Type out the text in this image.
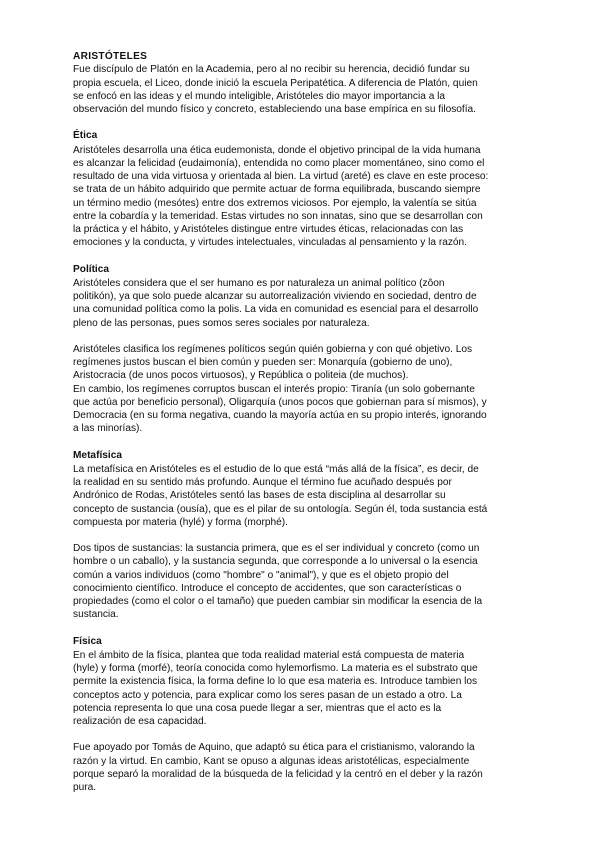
ARISTÓTELES

Fue discípulo de Platón en la Academia, pero al no recibir su herencia, decidió fundar su
propia escuela, el Liceo, donde inició la escuela Peripatética. A diferencia de Platón, quien
se enfocó en las ideas y el mundo inteligible, Aristóteles dio mayor importancia a la
observación del mundo físico y concreto, estableciendo una base empírica en su filosofía.

Ética

Aristóteles desarrolla una ética eudemonista, donde el objetivo principal de la vida humana
es alcanzar la felicidad (eudaimonía), entendida no como placer momentáneo, sino como el
resultado de una vida virtuosa y orientada al bien. La virtud (areté) es clave en este proceso:
se trata de un hábito adquirido que permite actuar de forma equilibrada, buscando siempre
un término medio (mesótes) entre dos extremos viciosos. Por ejemplo, la valentía se sitúa
entre la cobardía y la temeridad. Estas virtudes no son innatas, sino que se desarrollan con
la práctica y el hábito, y Aristóteles distingue entre virtudes éticas, relacionadas con las
emociones y la conducta, y virtudes intelectuales, vinculadas al pensamiento y la razón.

Política

Aristóteles considera que el ser humano es por naturaleza un animal político (zôon
politikón), ya que solo puede alcanzar su autorrealización viviendo en sociedad, dentro de
una comunidad política como la polis. La vida en comunidad es esencial para el desarrollo
pleno de las personas, pues somos seres sociales por naturaleza.

Aristóteles clasifica los regímenes políticos según quién gobierna y con qué objetivo. Los
regímenes justos buscan el bien común y pueden ser: Monarquía (gobierno de uno),
Aristocracia (de unos pocos virtuosos), y República o politeia (de muchos).
En cambio, los regímenes corruptos buscan el interés propio: Tiranía (un solo gobernante
que actúa por beneficio personal), Oligarquía (unos pocos que gobiernan para sí mismos), y
Democracia (en su forma negativa, cuando la mayoría actúa en su propio interés, ignorando
a las minorías).

Metafísica

La metafísica en Aristóteles es el estudio de lo que está “más allá de la física”, es decir, de
la realidad en su sentido más profundo. Aunque el término fue acuñado después por
Andrónico de Rodas, Aristóteles sentó las bases de esta disciplina al desarrollar su
concepto de sustancia (ousía), que es el pilar de su ontología. Según él, toda sustancia está
compuesta por materia (hylé) y forma (morphé).

Dos tipos de sustancias: la sustancia primera, que es el ser individual y concreto (como un
hombre o un caballo), y la sustancia segunda, que corresponde a lo universal o la esencia
común a varios individuos (como "hombre" o "animal"), y que es el objeto propio del
conocimiento científico. Introduce el concepto de accidentes, que son características o
propiedades (como el color o el tamaño) que pueden cambiar sin modificar la esencia de la
sustancia.

Física

En el ámbito de la física, plantea que toda realidad material está compuesta de materia
(hyle) y forma (morfé), teoría conocida como hylemorfismo. La materia es el substrato que
permite la existencia física, la forma define lo lo que esa materia es. Introduce tambien los
conceptos acto y potencia, para explicar como los seres pasan de un estado a otro. La
potencia representa lo que una cosa puede llegar a ser, mientras que el acto es la
realización de esa capacidad.

Fue apoyado por Tomás de Aquino, que adaptó su ética para el cristianismo, valorando la
razón y la virtud. En cambio, Kant se opuso a algunas ideas aristotélicas, especialmente
porque separó la moralidad de la búsqueda de la felicidad y la centró en el deber y la razón
pura.
